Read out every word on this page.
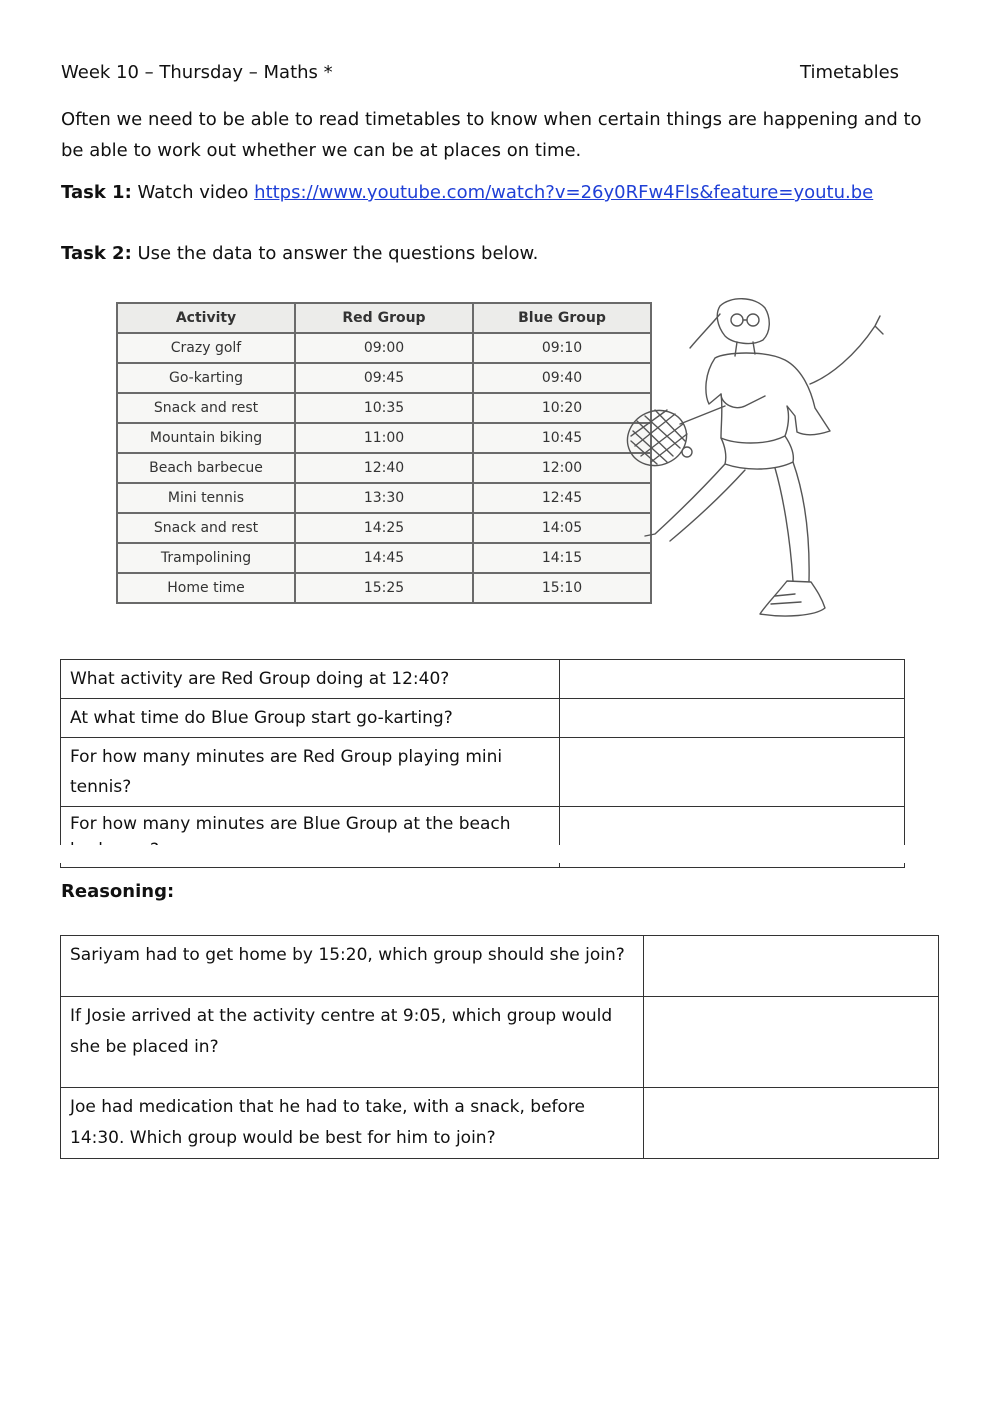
Week 10 – Thursday – Maths *	Timetables
Often we need to be able to read timetables to know when certain things are happening and to be able to work out whether we can be at places on time.
Task 1: Watch video https://www.youtube.com/watch?v=26y0RFw4Fls&feature=youtu.be
Task 2: Use the data to answer the questions below.
Activity	Red Group	Blue Group
Crazy golf	09:00	09:10
Go-karting	09:45	09:40
Snack and rest	10:35	10:20
Mountain biking	11:00	10:45
Beach barbecue	12:40	12:00
Mini tennis	13:30	12:45
Snack and rest	14:25	14:05
Trampolining	14:45	14:15
Home time	15:25	15:10
What activity are Red Group doing at 12:40?	
At what time do Blue Group start go-karting?	
For how many minutes are Red Group playing mini tennis?	
For how many minutes are Blue Group at the beach	
Reasoning:
Sariyam had to get home by 15:20, which group should she join?	
If Josie arrived at the activity centre at 9:05, which group would she be placed in?	
Joe had medication that he had to take, with a snack, before 14:30. Which group would be best for him to join?	
